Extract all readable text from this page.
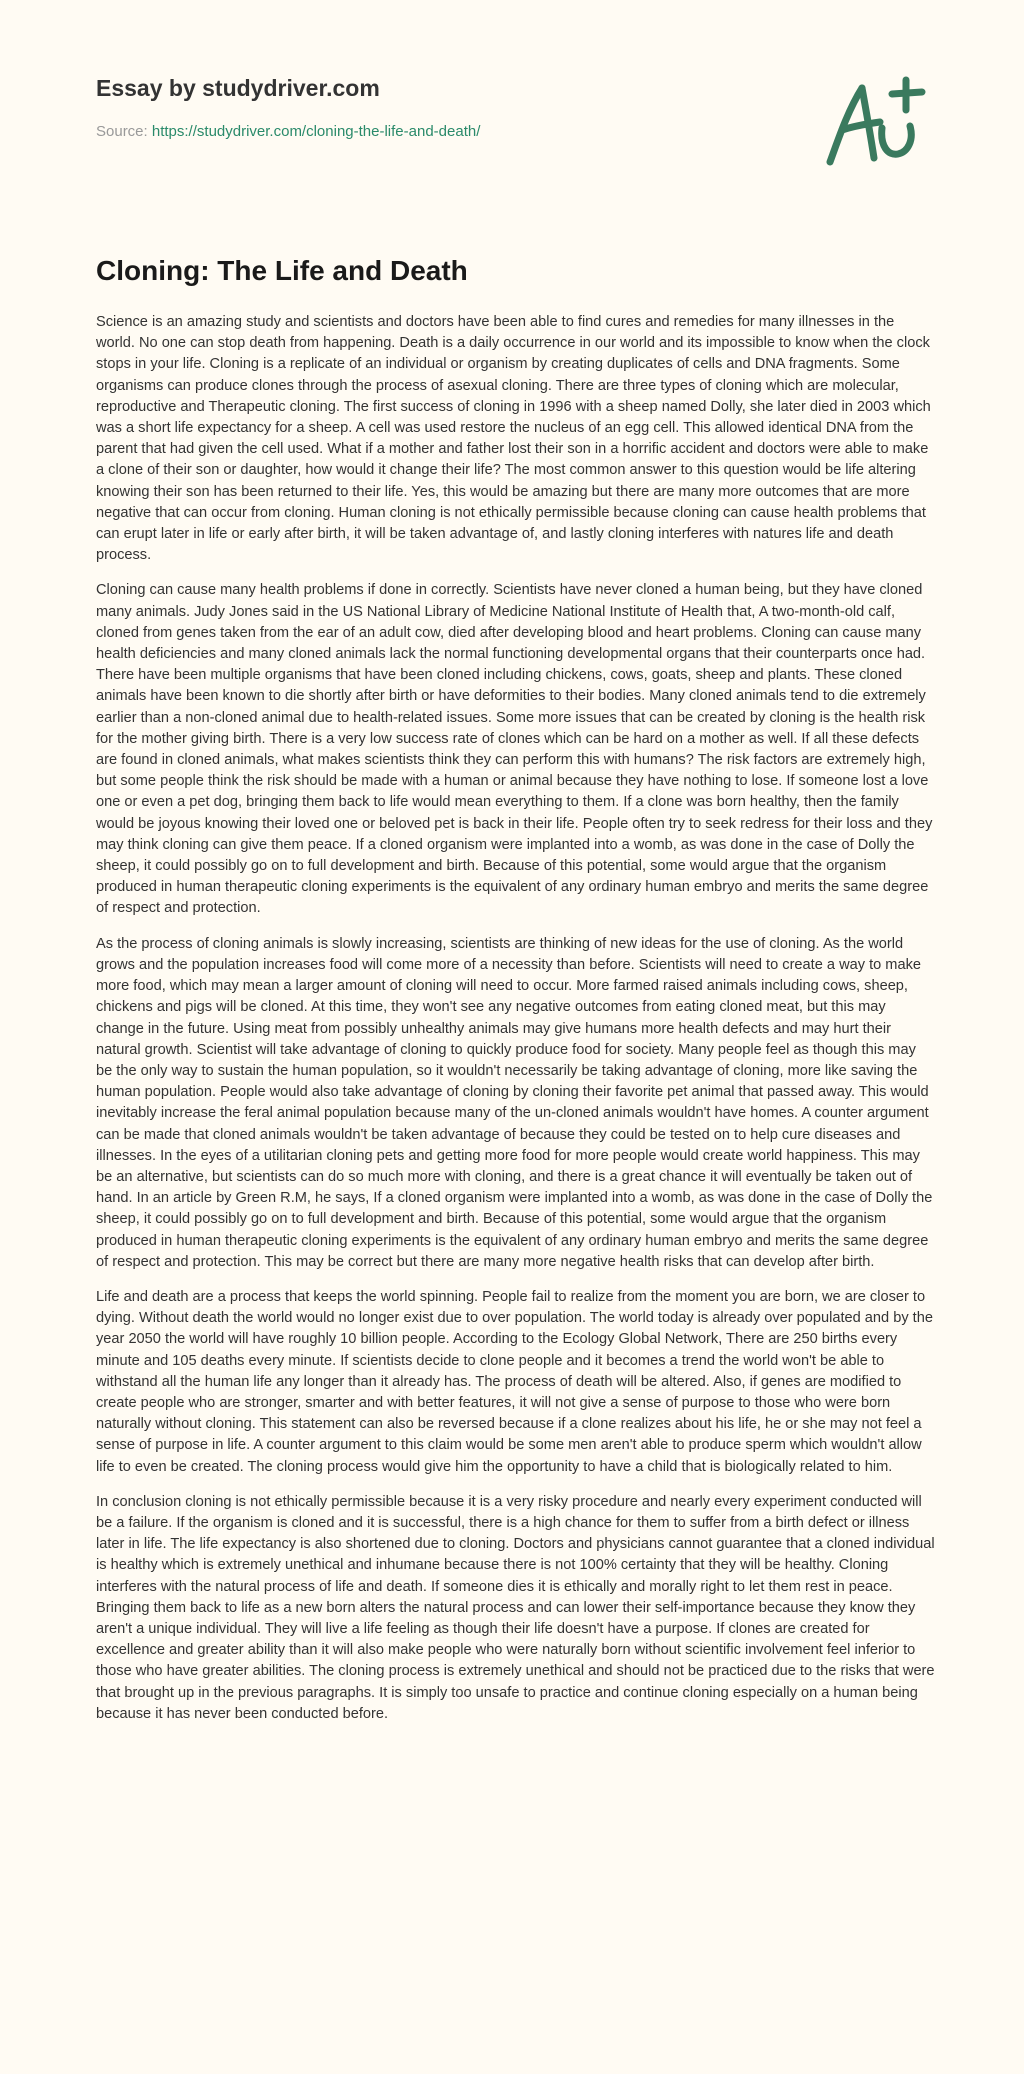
Essay by studydriver.com
Source: https://studydriver.com/cloning-the-life-and-death/
Cloning: The Life and Death

Science is an amazing study and scientists and doctors have been able to find cures and remedies for many illnesses in the world. No one can stop death from happening. Death is a daily occurrence in our world and its impossible to know when the clock stops in your life. Cloning is a replicate of an individual or organism by creating duplicates of cells and DNA fragments. Some organisms can produce clones through the process of asexual cloning. There are three types of cloning which are molecular, reproductive and Therapeutic cloning. The first success of cloning in 1996 with a sheep named Dolly, she later died in 2003 which was a short life expectancy for a sheep. A cell was used restore the nucleus of an egg cell. This allowed identical DNA from the parent that had given the cell used. What if a mother and father lost their son in a horrific accident and doctors were able to make a clone of their son or daughter, how would it change their life? The most common answer to this question would be life altering knowing their son has been returned to their life. Yes, this would be amazing but there are many more outcomes that are more negative that can occur from cloning. Human cloning is not ethically permissible because cloning can cause health problems that can erupt later in life or early after birth, it will be taken advantage of, and lastly cloning interferes with natures life and death process.

Cloning can cause many health problems if done in correctly. Scientists have never cloned a human being, but they have cloned many animals. Judy Jones said in the US National Library of Medicine National Institute of Health that, A two-month-old calf, cloned from genes taken from the ear of an adult cow, died after developing blood and heart problems. Cloning can cause many health deficiencies and many cloned animals lack the normal functioning developmental organs that their counterparts once had. There have been multiple organisms that have been cloned including chickens, cows, goats, sheep and plants. These cloned animals have been known to die shortly after birth or have deformities to their bodies. Many cloned animals tend to die extremely earlier than a non-cloned animal due to health-related issues. Some more issues that can be created by cloning is the health risk for the mother giving birth. There is a very low success rate of clones which can be hard on a mother as well. If all these defects are found in cloned animals, what makes scientists think they can perform this with humans? The risk factors are extremely high, but some people think the risk should be made with a human or animal because they have nothing to lose. If someone lost a love one or even a pet dog, bringing them back to life would mean everything to them. If a clone was born healthy, then the family would be joyous knowing their loved one or beloved pet is back in their life. People often try to seek redress for their loss and they may think cloning can give them peace. If a cloned organism were implanted into a womb, as was done in the case of Dolly the sheep, it could possibly go on to full development and birth. Because of this potential, some would argue that the organism produced in human therapeutic cloning experiments is the equivalent of any ordinary human embryo and merits the same degree of respect and protection.

As the process of cloning animals is slowly increasing, scientists are thinking of new ideas for the use of cloning. As the world grows and the population increases food will come more of a necessity than before. Scientists will need to create a way to make more food, which may mean a larger amount of cloning will need to occur. More farmed raised animals including cows, sheep, chickens and pigs will be cloned. At this time, they won't see any negative outcomes from eating cloned meat, but this may change in the future. Using meat from possibly unhealthy animals may give humans more health defects and may hurt their natural growth. Scientist will take advantage of cloning to quickly produce food for society. Many people feel as though this may be the only way to sustain the human population, so it wouldn't necessarily be taking advantage of cloning, more like saving the human population. People would also take advantage of cloning by cloning their favorite pet animal that passed away. This would inevitably increase the feral animal population because many of the un-cloned animals wouldn't have homes. A counter argument can be made that cloned animals wouldn't be taken advantage of because they could be tested on to help cure diseases and illnesses. In the eyes of a utilitarian cloning pets and getting more food for more people would create world happiness. This may be an alternative, but scientists can do so much more with cloning, and there is a great chance it will eventually be taken out of hand. In an article by Green R.M, he says, If a cloned organism were implanted into a womb, as was done in the case of Dolly the sheep, it could possibly go on to full development and birth. Because of this potential, some would argue that the organism produced in human therapeutic cloning experiments is the equivalent of any ordinary human embryo and merits the same degree of respect and protection. This may be correct but there are many more negative health risks that can develop after birth.

Life and death are a process that keeps the world spinning. People fail to realize from the moment you are born, we are closer to dying. Without death the world would no longer exist due to over population. The world today is already over populated and by the year 2050 the world will have roughly 10 billion people. According to the Ecology Global Network, There are 250 births every minute and 105 deaths every minute. If scientists decide to clone people and it becomes a trend the world won't be able to withstand all the human life any longer than it already has. The process of death will be altered. Also, if genes are modified to create people who are stronger, smarter and with better features, it will not give a sense of purpose to those who were born naturally without cloning. This statement can also be reversed because if a clone realizes about his life, he or she may not feel a sense of purpose in life. A counter argument to this claim would be some men aren't able to produce sperm which wouldn't allow life to even be created. The cloning process would give him the opportunity to have a child that is biologically related to him.

In conclusion cloning is not ethically permissible because it is a very risky procedure and nearly every experiment conducted will be a failure. If the organism is cloned and it is successful, there is a high chance for them to suffer from a birth defect or illness later in life. The life expectancy is also shortened due to cloning. Doctors and physicians cannot guarantee that a cloned individual is healthy which is extremely unethical and inhumane because there is not 100% certainty that they will be healthy. Cloning interferes with the natural process of life and death. If someone dies it is ethically and morally right to let them rest in peace. Bringing them back to life as a new born alters the natural process and can lower their self-importance because they know they aren't a unique individual. They will live a life feeling as though their life doesn't have a purpose. If clones are created for excellence and greater ability than it will also make people who were naturally born without scientific involvement feel inferior to those who have greater abilities. The cloning process is extremely unethical and should not be practiced due to the risks that were that brought up in the previous paragraphs. It is simply too unsafe to practice and continue cloning especially on a human being because it has never been conducted before.
